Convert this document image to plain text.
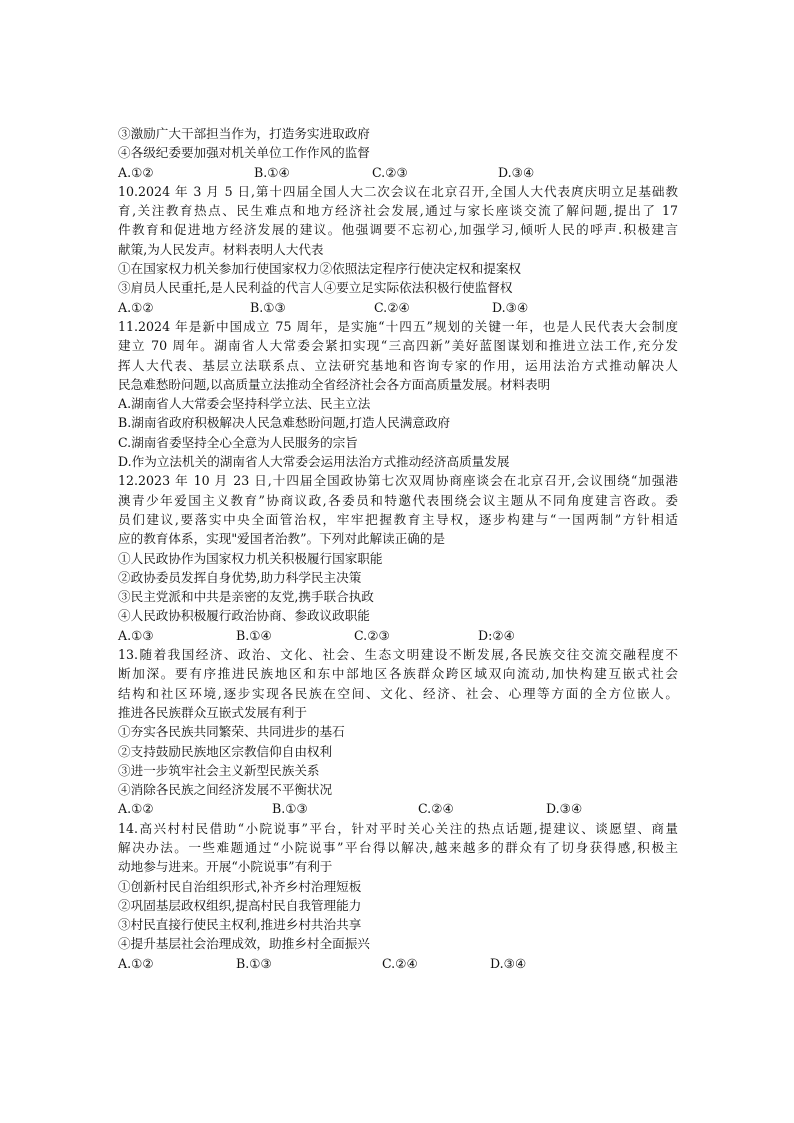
③激励广大干部担当作为，打造务实进取政府
④各级纪委要加强对机关单位工作作风的监督
A.①②	B.①④	C.②③	D.③④
10.2024 年 3 月 5 日,第十四届全国人大二次会议在北京召开,全国人大代表庹庆明立足基础教
育,关注教育热点、民生难点和地方经济社会发展,通过与家长座谈交流了解问题,提出了 17
件教育和促进地方经济发展的建议。他强调要不忘初心,加强学习,倾听人民的呼声.积极建言
献策,为人民发声。材料表明人大代表
①在国家权力机关参加行使国家权力②依照法定程序行使决定权和提案权
③肩员人民重托,是人民利益的代言人④要立足实际依法积极行使监督权
A.①②	B.①③	C.②④	D.③④
11.2024 年是新中国成立 75 周年，是实施“十四五”规划的关键一年，也是人民代表大会制度
建立 70 周年。湖南省人大常委会紧扣实现“三高四新”美好蓝图谋划和推进立法工作,充分发
挥人大代表、基层立法联系点、立法研究基地和咨询专家的作用，运用法治方式推动解决人
民急难愁盼问题,以高质量立法推动全省经济社会各方面高质量发展。材料表明
A.湖南省人大常委会坚持科学立法、民主立法
B.湖南省政府积极解决人民急难愁盼问题,打造人民满意政府
C.湖南省委坚持全心全意为人民服务的宗旨
D.作为立法机关的湖南省人大常委会运用法治方式推动经济高质量发展
12.2023 年 10 月 23 日,十四届全国政协第七次双周协商座谈会在北京召开,会议围绕“加强港
澳青少年爱国主义教育”协商议政,各委员和特邀代表围绕会议主题从不同角度建言咨政。委
员们建议,要落实中央全面管治权，牢牢把握教育主导权，逐步构建与“一国两制”方针相适
应的教育体系，实现"爱国者治教”。下列对此解读正确的是
①人民政协作为国家权力机关积极履行国家职能
②政协委员发挥自身优势,助力科学民主决策
③民主党派和中共是亲密的友党,携手联合执政
④人民政协积极履行政治协商、参政议政职能
A.①③	B.①④	C.②③	D:②④
13.随着我国经济、政治、文化、社会、生态文明建设不断发展,各民族交往交流交融程度不
断加深。要有序推进民族地区和东中部地区各族群众跨区域双向流动,加快构建互嵌式社会
结构和社区环境,逐步实现各民族在空间、文化、经济、社会、心理等方面的全方位嵌人。
推进各民族群众互嵌式发展有利于
①夯实各民族共同繁荣、共同进步的基石
②支持鼓励民族地区宗教信仰自由权利
③进一步筑牢社会主义新型民族关系
④消除各民族之间经济发展不平衡状况
A.①②	B.①③	C.②④	D.③④
14.高兴村村民借助“小院说事”平台，针对平时关心关注的热点话题,提建议、谈愿望、商量
解决办法。一些难题通过“小院说事”平台得以解决,越来越多的群众有了切身获得感,积极主
动地参与进来。开展“小院说事”有利于
①创新村民自治组织形式,补齐乡村治理短板
②巩固基层政权组织,提高村民自我管理能力
③村民直接行使民主权利,推进乡村共治共享
④提升基层社会治理成效，助推乡村全面振兴
A.①②	B.①③	C.②④	D.③④
